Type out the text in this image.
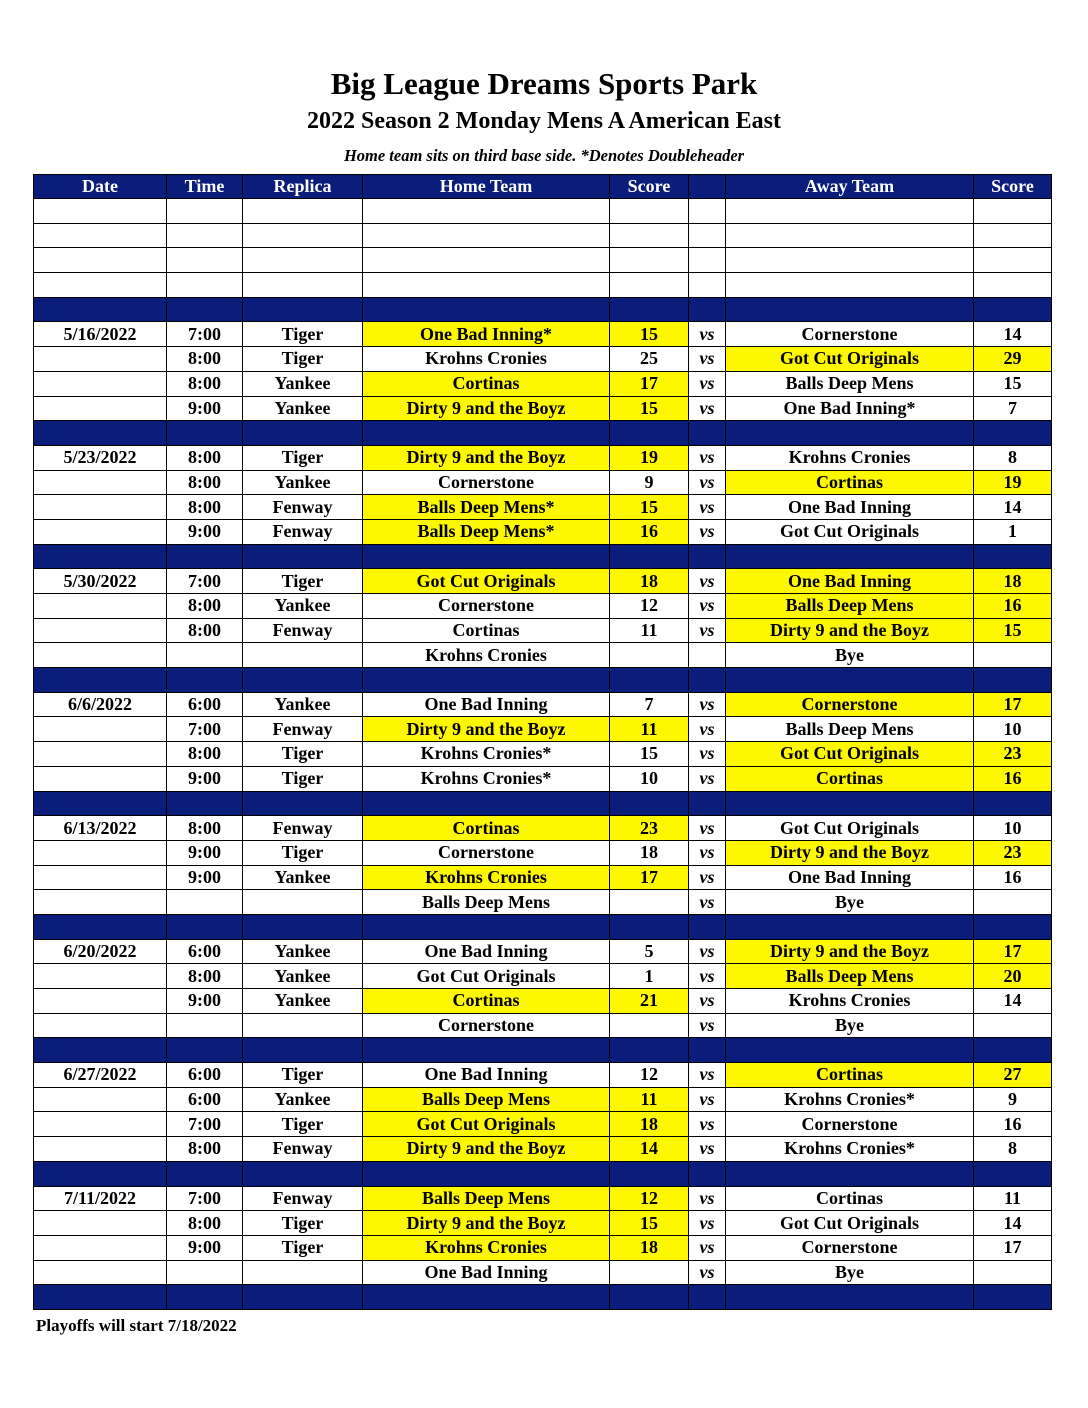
Big League Dreams Sports Park
2022 Season 2 Monday Mens A American East
Home team sits on third base side. *Denotes Doubleheader
Date	Time	Replica	Home Team	Score		Away Team	Score

5/16/2022	7:00	Tiger	One Bad Inning*	15	vs	Cornerstone	14
	8:00	Tiger	Krohns Cronies	25	vs	Got Cut Originals	29
	8:00	Yankee	Cortinas	17	vs	Balls Deep Mens	15
	9:00	Yankee	Dirty 9 and the Boyz	15	vs	One Bad Inning*	7

5/23/2022	8:00	Tiger	Dirty 9 and the Boyz	19	vs	Krohns Cronies	8
	8:00	Yankee	Cornerstone	9	vs	Cortinas	19
	8:00	Fenway	Balls Deep Mens*	15	vs	One Bad Inning	14
	9:00	Fenway	Balls Deep Mens*	16	vs	Got Cut Originals	1

5/30/2022	7:00	Tiger	Got Cut Originals	18	vs	One Bad Inning	18
	8:00	Yankee	Cornerstone	12	vs	Balls Deep Mens	16
	8:00	Fenway	Cortinas	11	vs	Dirty 9 and the Boyz	15
			Krohns Cronies			Bye	

6/6/2022	6:00	Yankee	One Bad Inning	7	vs	Cornerstone	17
	7:00	Fenway	Dirty 9 and the Boyz	11	vs	Balls Deep Mens	10
	8:00	Tiger	Krohns Cronies*	15	vs	Got Cut Originals	23
	9:00	Tiger	Krohns Cronies*	10	vs	Cortinas	16

6/13/2022	8:00	Fenway	Cortinas	23	vs	Got Cut Originals	10
	9:00	Tiger	Cornerstone	18	vs	Dirty 9 and the Boyz	23
	9:00	Yankee	Krohns Cronies	17	vs	One Bad Inning	16
			Balls Deep Mens		vs	Bye	

6/20/2022	6:00	Yankee	One Bad Inning	5	vs	Dirty 9 and the Boyz	17
	8:00	Yankee	Got Cut Originals	1	vs	Balls Deep Mens	20
	9:00	Yankee	Cortinas	21	vs	Krohns Cronies	14
			Cornerstone		vs	Bye	

6/27/2022	6:00	Tiger	One Bad Inning	12	vs	Cortinas	27
	6:00	Yankee	Balls Deep Mens	11	vs	Krohns Cronies*	9
	7:00	Tiger	Got Cut Originals	18	vs	Cornerstone	16
	8:00	Fenway	Dirty 9 and the Boyz	14	vs	Krohns Cronies*	8

7/11/2022	7:00	Fenway	Balls Deep Mens	12	vs	Cortinas	11
	8:00	Tiger	Dirty 9 and the Boyz	15	vs	Got Cut Originals	14
	9:00	Tiger	Krohns Cronies	18	vs	Cornerstone	17
			One Bad Inning		vs	Bye	

Playoffs will start 7/18/2022
